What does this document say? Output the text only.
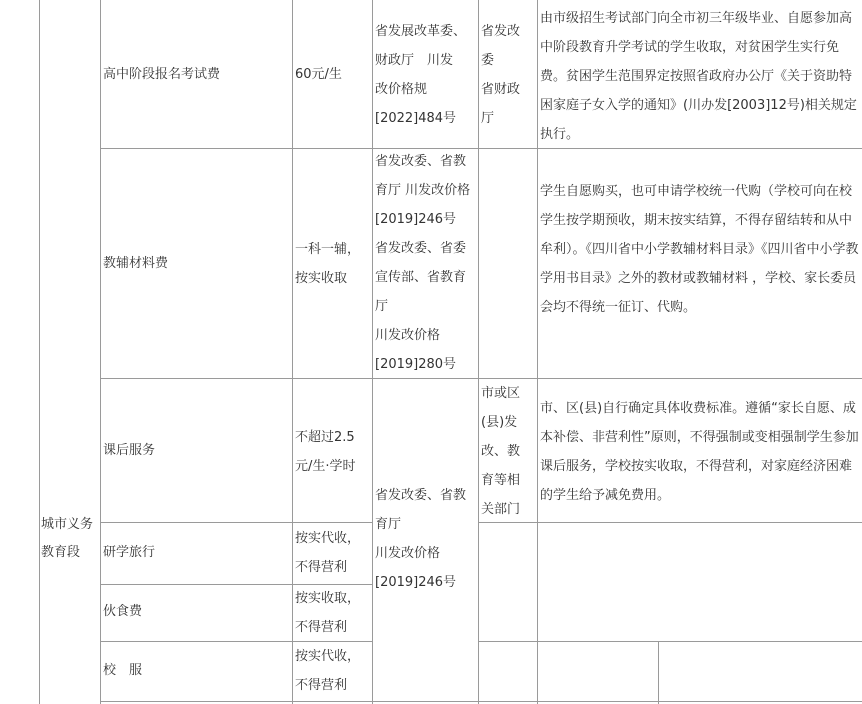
城市义务
教育段
高中阶段报名考试费	60元/生
省发展改革委、
财政厅　川发
改价格规
[2022]484号
省发改
委
省财政
厅
由市级招生考试部门向全市初三年级毕业、自愿参加高中阶段教育升学考试的学生收取，对贫困学生实行免费。贫困学生范围界定按照省政府办公厅《关于资助特困家庭子女入学的通知》(川办发[2003]12号)相关规定执行。
教辅材料费
一科一辅，
按实收取
省发改委、省教
育厅 川发改价格
[2019]246号
省发改委、省委
宣传部、省教育
厅
川发改价格
[2019]280号
学生自愿购买，也可申请学校统一代购（学校可向在校学生按学期预收，期末按实结算，不得存留结转和从中牟利）。《四川省中小学教辅材料目录》《四川省中小学教学用书目录》之外的教材或教辅材料 ，学校、家长委员会均不得统一征订、代购。
课后服务
不超过2.5
元/生·学时
省发改委、省教
育厅
川发改价格
[2019]246号
市或区
(县)发
改、教
育等相
关部门
市、区(县)自行确定具体收费标准。遵循“家长自愿、成本补偿、非营利性”原则，不得强制或变相强制学生参加课后服务，学校按实收取，不得营利，对家庭经济困难的学生给予减免费用。
研学旅行
按实代收，
不得营利
伙食费
按实收取，
不得营利
校　服
按实代收，
不得营利
